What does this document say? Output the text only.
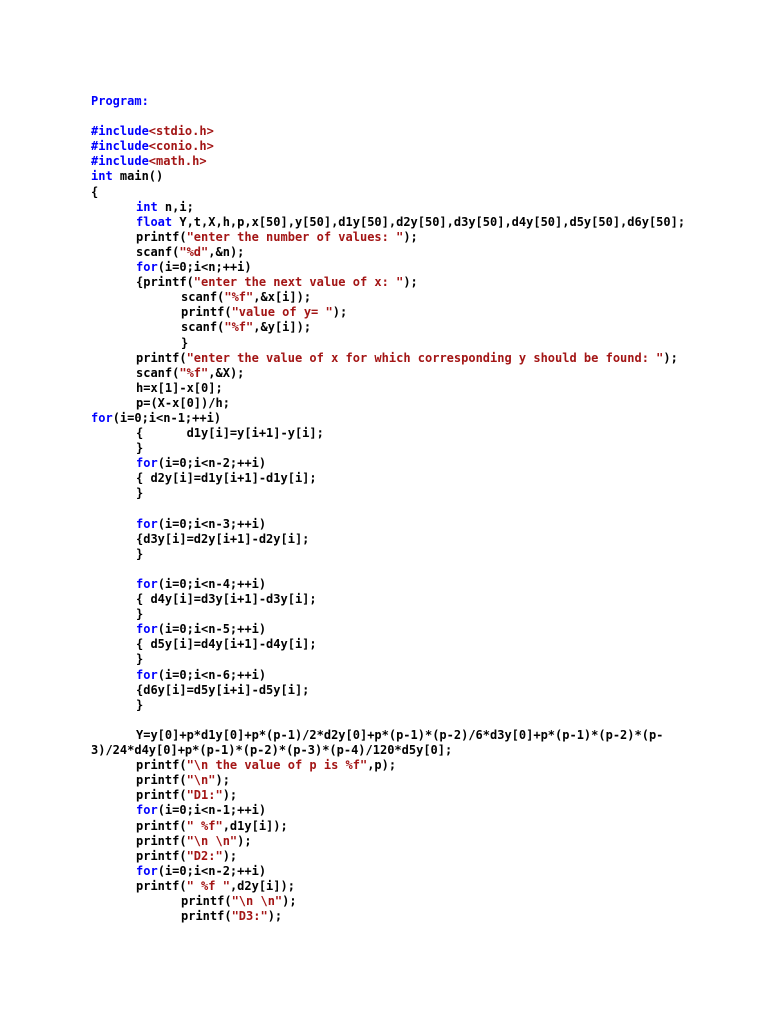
Program:
#include<stdio.h>
#include<conio.h>
#include<math.h>
int main()
{
int n,i;
float Y,t,X,h,p,x[50],y[50],d1y[50],d2y[50],d3y[50],d4y[50],d5y[50],d6y[50];
printf("enter the number of values: ");
scanf("%d",&n);
for(i=0;i<n;++i)
{printf("enter the next value of x: ");
scanf("%f",&x[i]);
printf("value of y= ");
scanf("%f",&y[i]);
}
printf("enter the value of x for which corresponding y should be found: ");
scanf("%f",&X);
h=x[1]-x[0];
p=(X-x[0])/h;
for(i=0;i<n-1;++i)
{      d1y[i]=y[i+1]-y[i];
}
for(i=0;i<n-2;++i)
{ d2y[i]=d1y[i+1]-d1y[i];
}
for(i=0;i<n-3;++i)
{d3y[i]=d2y[i+1]-d2y[i];
}
for(i=0;i<n-4;++i)
{ d4y[i]=d3y[i+1]-d3y[i];
}
for(i=0;i<n-5;++i)
{ d5y[i]=d4y[i+1]-d4y[i];
}
for(i=0;i<n-6;++i)
{d6y[i]=d5y[i+i]-d5y[i];
}
Y=y[0]+p*d1y[0]+p*(p-1)/2*d2y[0]+p*(p-1)*(p-2)/6*d3y[0]+p*(p-1)*(p-2)*(p-
3)/24*d4y[0]+p*(p-1)*(p-2)*(p-3)*(p-4)/120*d5y[0];
printf("\n the value of p is %f",p);
printf("\n");
printf("D1:");
for(i=0;i<n-1;++i)
printf(" %f",d1y[i]);
printf("\n \n");
printf("D2:");
for(i=0;i<n-2;++i)
printf(" %f ",d2y[i]);
printf("\n \n");
printf("D3:");
